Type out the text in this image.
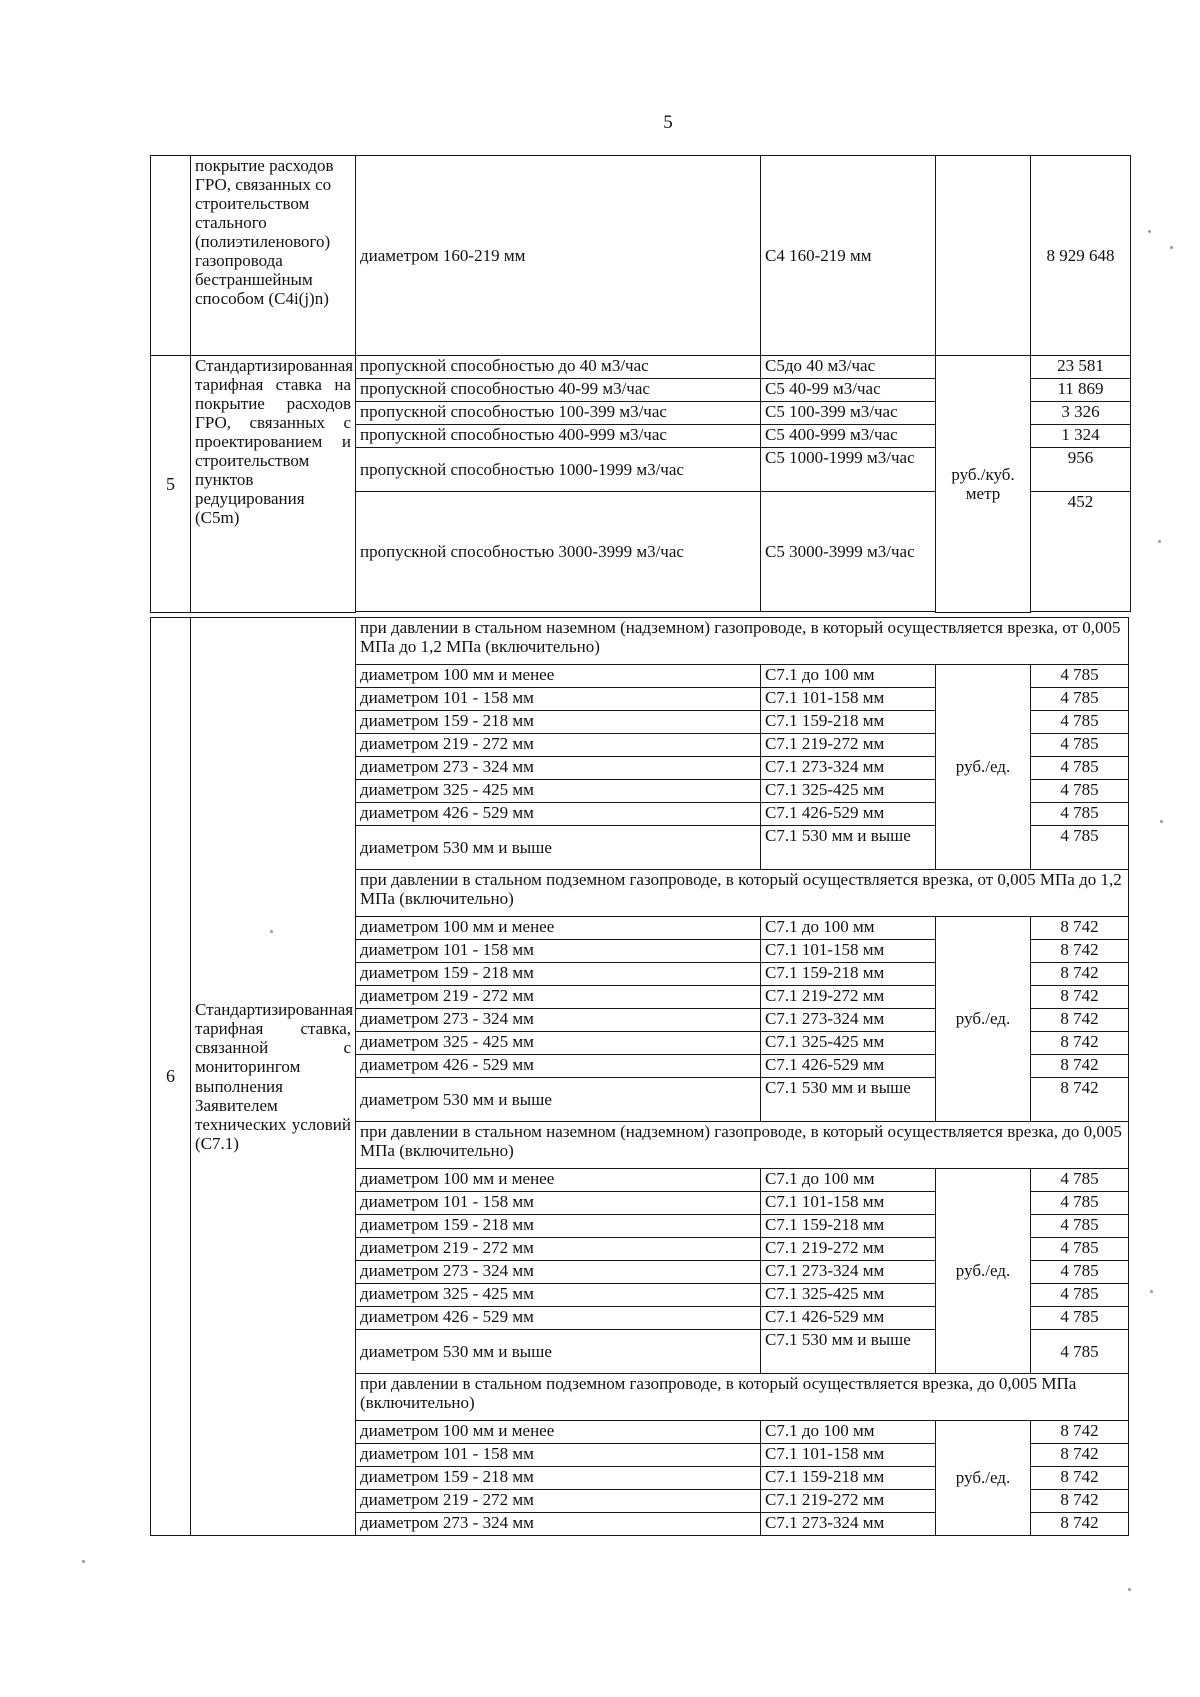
5
	покрытие расходов ГРО, связанных со строительством стального (полиэтиленового) газопровода бестраншейным способом (C4i(j)n)	диаметром 160-219 мм	C4 160-219 мм		8 929 648
5	Стандартизированная тарифная ставка на покрытие расходов ГРО, связанных с проектированием и строительством пунктов редуцирования (C5m)	пропускной способностью до 40 м3/час	C5до 40 м3/час	руб./куб. метр	23 581
		пропускной способностью 40-99 м3/час	C5 40-99 м3/час		11 869
		пропускной способностью 100-399 м3/час	C5 100-399 м3/час		3 326
		пропускной способностью 400-999 м3/час	C5 400-999 м3/час		1 324
		пропускной способностью 1000-1999 м3/час	C5 1000-1999 м3/час		956
		пропускной способностью 3000-3999 м3/час	C5 3000-3999 м3/час		452

6	Стандартизированная тарифная ставка, связанной с мониторингом выполнения Заявителем технических условий (C7.1)	при давлении в стальном наземном (надземном) газопроводе, в который осуществляется врезка, от 0,005 МПа до 1,2 МПа (включительно)			
		диаметром 100 мм и менее	C7.1 до 100 мм	руб./ед.	4 785
		диаметром 101 - 158 мм	C7.1 101-158 мм		4 785
		диаметром 159 - 218 мм	C7.1 159-218 мм		4 785
		диаметром 219 - 272 мм	C7.1 219-272 мм		4 785
		диаметром 273 - 324 мм	C7.1 273-324 мм		4 785
		диаметром 325 - 425 мм	C7.1 325-425 мм		4 785
		диаметром 426 - 529 мм	C7.1 426-529 мм		4 785
		диаметром 530 мм и выше	C7.1 530 мм и выше		4 785
		при давлении в стальном подземном газопроводе, в который осуществляется врезка, от 0,005 МПа до 1,2 МПа (включительно)			
		диаметром 100 мм и менее	C7.1 до 100 мм	руб./ед.	8 742
		диаметром 101 - 158 мм	C7.1 101-158 мм		8 742
		диаметром 159 - 218 мм	C7.1 159-218 мм		8 742
		диаметром 219 - 272 мм	C7.1 219-272 мм		8 742
		диаметром 273 - 324 мм	C7.1 273-324 мм		8 742
		диаметром 325 - 425 мм	C7.1 325-425 мм		8 742
		диаметром 426 - 529 мм	C7.1 426-529 мм		8 742
		диаметром 530 мм и выше	C7.1 530 мм и выше		8 742
		при давлении в стальном наземном (надземном) газопроводе, в который осуществляется врезка, до 0,005 МПа (включительно)			
		диаметром 100 мм и менее	C7.1 до 100 мм	руб./ед.	4 785
		диаметром 101 - 158 мм	C7.1 101-158 мм		4 785
		диаметром 159 - 218 мм	C7.1 159-218 мм		4 785
		диаметром 219 - 272 мм	C7.1 219-272 мм		4 785
		диаметром 273 - 324 мм	C7.1 273-324 мм		4 785
		диаметром 325 - 425 мм	C7.1 325-425 мм		4 785
		диаметром 426 - 529 мм	C7.1 426-529 мм		4 785
		диаметром 530 мм и выше	C7.1 530 мм и выше		4 785
		при давлении в стальном подземном газопроводе, в который осуществляется врезка, до 0,005 МПа (включительно)			
		диаметром 100 мм и менее	C7.1 до 100 мм	руб./ед.	8 742
		диаметром 101 - 158 мм	C7.1 101-158 мм		8 742
		диаметром 159 - 218 мм	C7.1 159-218 мм		8 742
		диаметром 219 - 272 мм	C7.1 219-272 мм		8 742
		диаметром 273 - 324 мм	C7.1 273-324 мм		8 742
